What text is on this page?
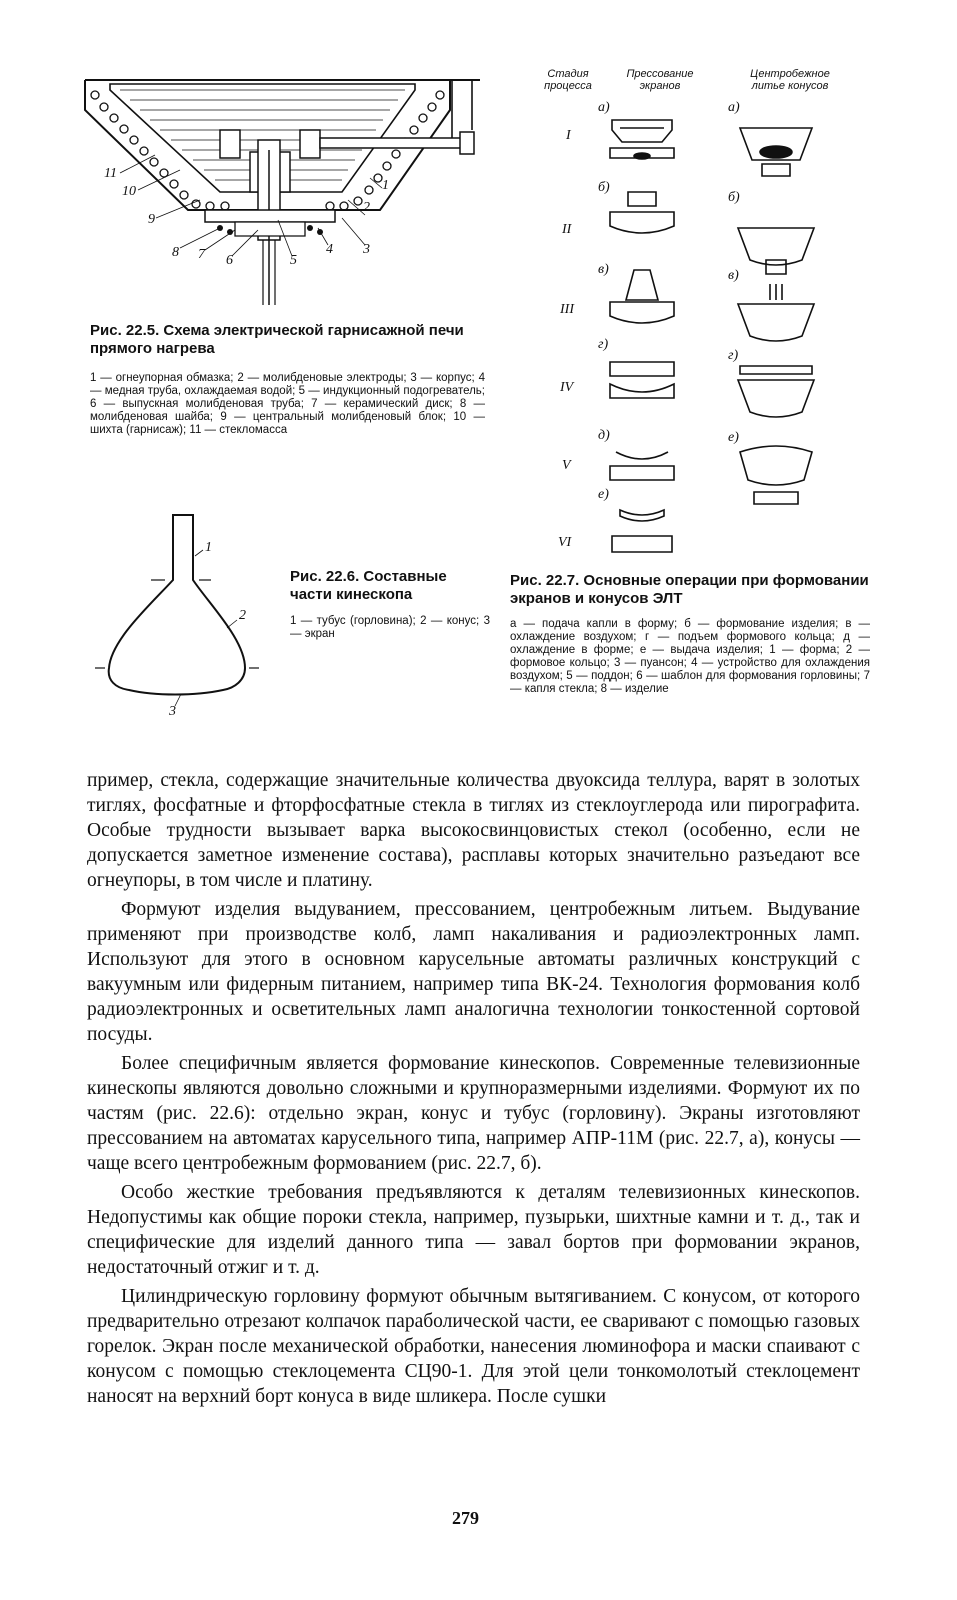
11
10
9
8 7 6	5
4 3
2
1
Рис. 22.5. Схема электрической гарнисажной печи прямого нагрева
1 — огнеупорная обмазка; 2 — молибденовые электроды; 3 — корпус; 4 — медная труба, охлаждаемая водой; 5 — индукционный подогреватель; 6 — выпускная молибденовая труба; 7 — керамический диск; 8 — молибденовая шайба; 9 — центральный молибденовый блок; 10 — шихта (гарнисаж); 11 — стекломасса
1
2
3
Рис. 22.6. Составные части кинескопа
1 — тубус (горловина); 2 — конус; 3 — экран
Стадия процесса
Прессование экранов
Центробежное литье конусов
I
II
III
IV
V
VI
а)
б)
в)
г)
д)
е)
а)
б)
в)
г)
е)
Рис. 22.7. Основные операции при формовании экранов и конусов ЭЛТ
а — подача капли в форму; б — формование изделия; в — охлаждение воздухом; г — подъем формового кольца; д — охлаждение в форме; е — выдача изделия; 1 — форма; 2 — формовое кольцо; 3 — пуансон; 4 — устройство для охлаждения воздухом; 5 — поддон; 6 — шаблон для формования горловины; 7 — капля стекла; 8 — изделие

пример, стекла, содержащие значительные количества двуоксида теллура, варят в золотых тиглях, фосфатные и фторфосфатные стекла в тиглях из стеклоуглерода или пирографита. Особые трудности вызывает варка высокосвинцовистых стекол (особенно, если не допускается заметное изменение состава), расплавы которых значительно разъедают все огнеупоры, в том числе и платину.

Формуют изделия выдуванием, прессованием, центробежным литьем. Выдувание применяют при производстве колб, ламп накаливания и радиоэлектронных ламп. Используют для этого в основном карусельные автоматы различных конструкций с вакуумным или фидерным питанием, например типа ВК-24. Технология формования колб радиоэлектронных и осветительных ламп аналогична технологии тонкостенной сортовой посуды.

Более специфичным является формование кинескопов. Современные телевизионные кинескопы являются довольно сложными и крупноразмерными изделиями. Формуют их по частям (рис. 22.6): отдельно экран, конус и тубус (горловину). Экраны изготовляют прессованием на автоматах карусельного типа, например АПР-11М (рис. 22.7, а), конусы — чаще всего центробежным формованием (рис. 22.7, б).

Особо жесткие требования предъявляются к деталям телевизионных кинескопов. Недопустимы как общие пороки стекла, например, пузырьки, шихтные камни и т. д., так и специфические для изделий данного типа — завал бортов при формовании экранов, недостаточный отжиг и т. д.

Цилиндрическую горловину формуют обычным вытягиванием. С конусом, от которого предварительно отрезают колпачок параболической части, ее сваривают с помощью газовых горелок. Экран после механической обработки, нанесения люминофора и маски спаивают с конусом с помощью стеклоцемента СЦ90-1. Для этой цели тонкомолотый стеклоцемент наносят на верхний борт конуса в виде шликера. После сушки

279
